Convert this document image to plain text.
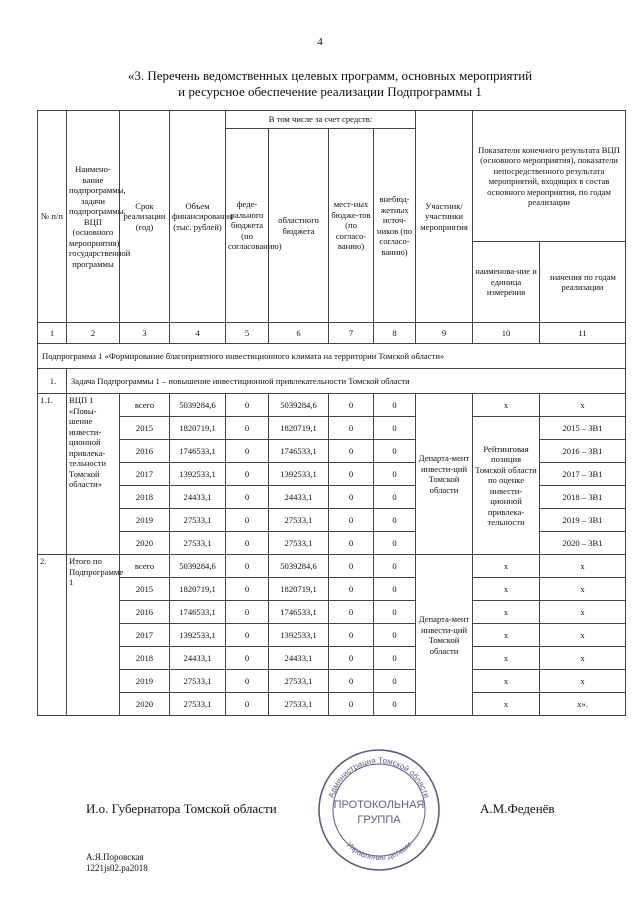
4
«3. Перечень ведомственных целевых программ, основных мероприятий
и ресурсное обеспечение реализации Подпрограммы 1
№ п/п	Наимено-вание подпрограммы, задачи подпрограммы, ВЦП (основного мероприятия) государственной программы	Срок реализации (год)	Объем финансирования (тыс. рублей)	В том числе за счет средств:				Участник/ участники мероприятия	Показатели конечного результата ВЦП (основного мероприятия), показатели непосредственного результата мероприятий, входящих в состав основного мероприятия, по годам реализации	
				феде-рального бюджета (по согласованию)	областного бюджета	мест-ных бюдже-тов (по согласо-ванию)	внебюд-жетных источ-ников (по согласо-ванию)			
									наименова-ние и единица измерения	значения по годам реализации
1	2	3	4	5	6	7	8	9	10	11
Подпрограмма 1 «Формирование благоприятного инвестиционного климата на территории Томской области»										
1.	Задача Подпрограммы 1 – повышение инвестиционной привлекательности Томской области									
1.1.	ВЦП 1 «Повы-шение инвести-ционной привлека-тельности Томской области»	всего	5039284,6	0	5039284,6	0	0	Департа-мент инвести-ций Томской области	x	x
		2015	1820719,1	0	1820719,1	0	0		Рейтинговая позиция Томской области по оценке инвести-ционной привлека-тельности	2015 – 3B1
		2016	1746533,1	0	1746533,1	0	0			2016 – 3B1
		2017	1392533,1	0	1392533,1	0	0			2017 – 3B1
		2018	24433,1	0	24433,1	0	0			2018 – 3B1
		2019	27533,1	0	27533,1	0	0			2019 – 3B1
		2020	27533,1	0	27533,1	0	0			2020 – 3B1
2.	Итого по Подпрограмме 1	всего	5039284,6	0	5039284,6	0	0	Департа-мент инвести-ций Томской области	x	x
		2015	1820719,1	0	1820719,1	0	0		x	x
		2016	1746533,1	0	1746533,1	0	0		x	x
		2017	1392533,1	0	1392533,1	0	0		x	x
		2018	24433,1	0	24433,1	0	0		x	x
		2019	27533,1	0	27533,1	0	0		x	x
		2020	27533,1	0	27533,1	0	0		x	x».
И.о. Губернатора Томской области	А.М.Феденёв
А.Я.Поровская
1221js02.pa2018
Администрация Томской области
Управление делами
ПРОТОКОЛЬНАЯ
ГРУППА
